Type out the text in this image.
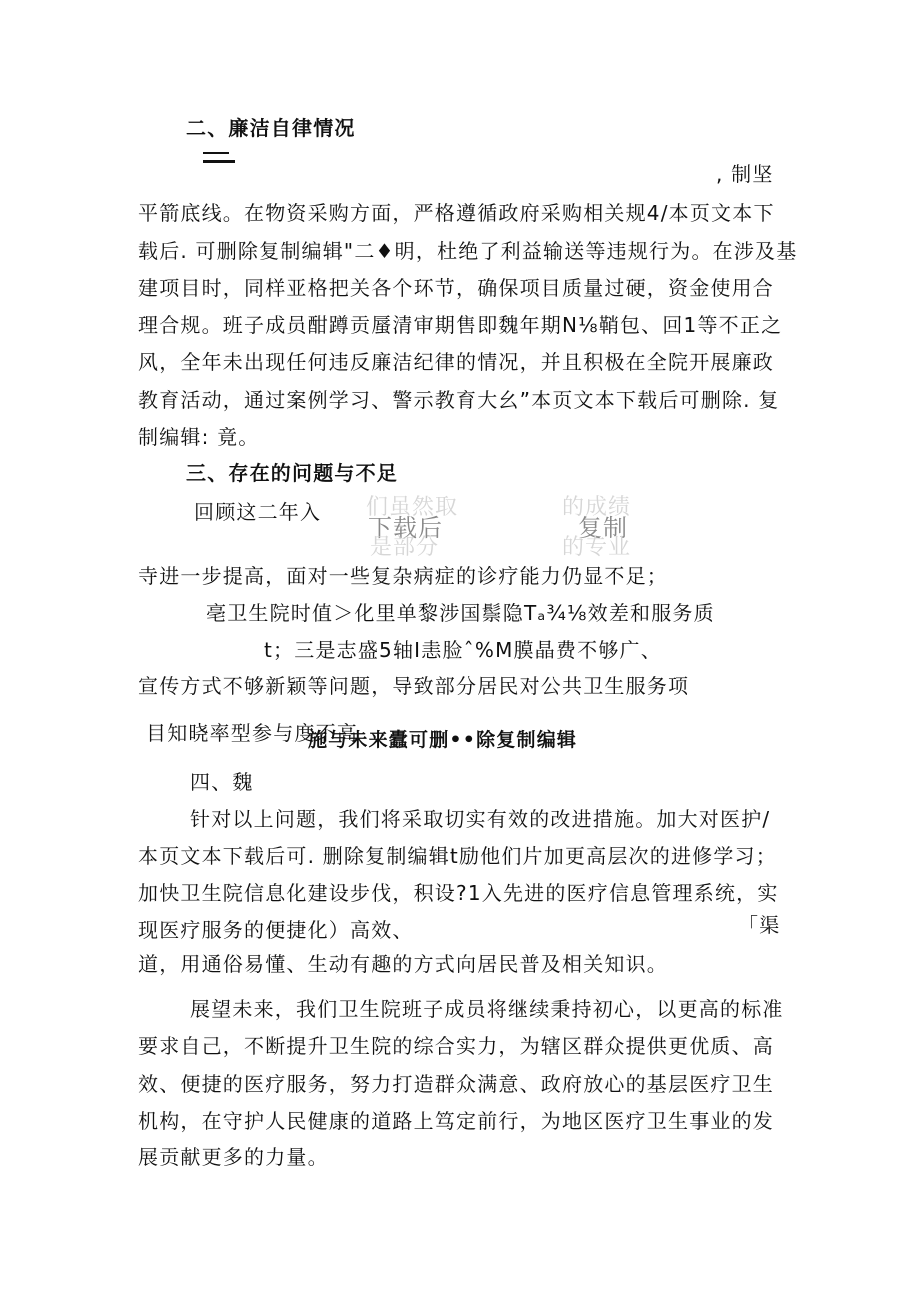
二、廉洁自律情况
, 制坚
平箭底线。在物资采购方面，严格遵循政府采购相关规4/本页文本下
载后. 可删除复制编辑"二♦明，杜绝了利益输送等违规行为。在涉及基
建项目时，同样亚格把关各个环节，确保项目质量过硬，资金使用合
理合规。班子成员酣蹲贡蜃清审期售即魏年期N⅛鞘包、回1等不正之
风，全年未出现任何违反廉洁纪律的情况，并且积极在全院开展廉政
教育活动，通过案例学习、警示教育大幺”本页文本下载后可删除. 复
制编辑: 竟。
三、存在的问题与不足
回顾这二年入 们虽然取	的成绩
下载后	复制
是部分	的专业
寺进一步提高，面对一些复杂病症的诊疗能力仍显不足；
亳卫生院时值＞化里单黎涉国鬃隐Tₐ¾⅛效差和服务质
t；三是志盛5轴I恚脸ˆ%M膜晶费不够广、
宣传方式不够新颖等问题，导致部分居民对公共卫生服务项
目知晓率型参与度不高
施与未来蠹可删••除复制编辑
四、魏
针对以上问题，我们将采取切实有效的改进措施。加大对医护/
本页文本下载后可. 删除复制编辑t励他们片加更高层次的进修学习；
加快卫生院信息化建设步伐，积设?1入先进的医疗信息管理系统，实
现医疗服务的便捷化）高效、	「渠
道，用通俗易懂、生动有趣的方式向居民普及相关知识。
展望未来，我们卫生院班子成员将继续秉持初心，以更高的标准
要求自己，不断提升卫生院的综合实力，为辖区群众提供更优质、高
效、便捷的医疗服务，努力打造群众满意、政府放心的基层医疗卫生
机构，在守护人民健康的道路上笃定前行，为地区医疗卫生事业的发
展贡献更多的力量。
